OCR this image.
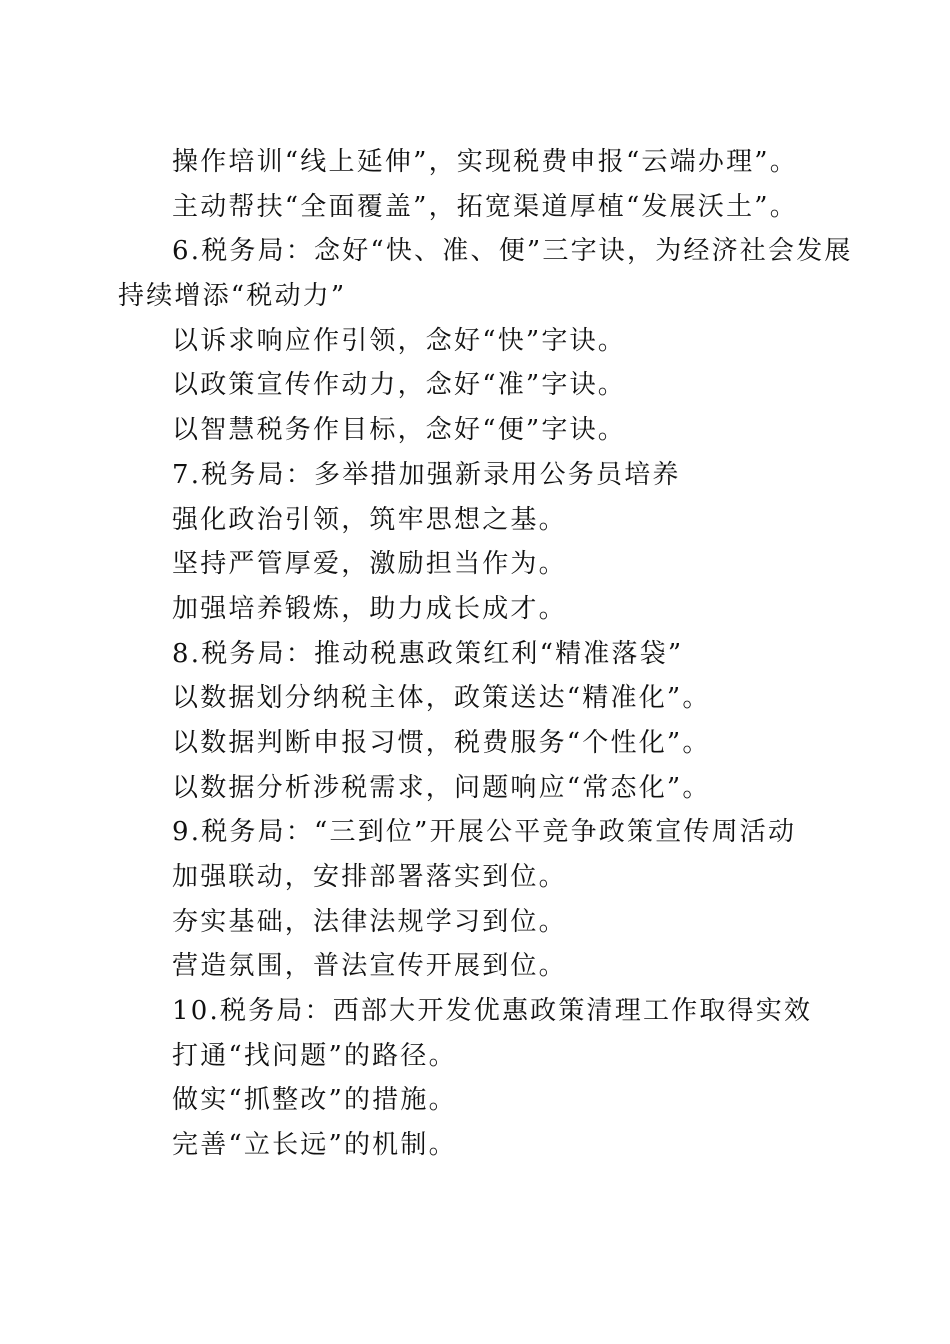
操作培训“线上延伸”，实现税费申报“云端办理”。

主动帮扶“全面覆盖”，拓宽渠道厚植“发展沃土”。

6.税务局：念好“快、准、便”三字诀，为经济社会发展

持续增添“税动力”

以诉求响应作引领，念好“快”字诀。

以政策宣传作动力，念好“准”字诀。

以智慧税务作目标，念好“便”字诀。

7.税务局：多举措加强新录用公务员培养

强化政治引领，筑牢思想之基。

坚持严管厚爱，激励担当作为。

加强培养锻炼，助力成长成才。

8.税务局：推动税惠政策红利“精准落袋”

以数据划分纳税主体，政策送达“精准化”。

以数据判断申报习惯，税费服务“个性化”。

以数据分析涉税需求，问题响应“常态化”。

9.税务局：“三到位”开展公平竞争政策宣传周活动

加强联动，安排部署落实到位。

夯实基础，法律法规学习到位。

营造氛围，普法宣传开展到位。

10.税务局：西部大开发优惠政策清理工作取得实效

打通“找问题”的路径。

做实“抓整改”的措施。

完善“立长远”的机制。
